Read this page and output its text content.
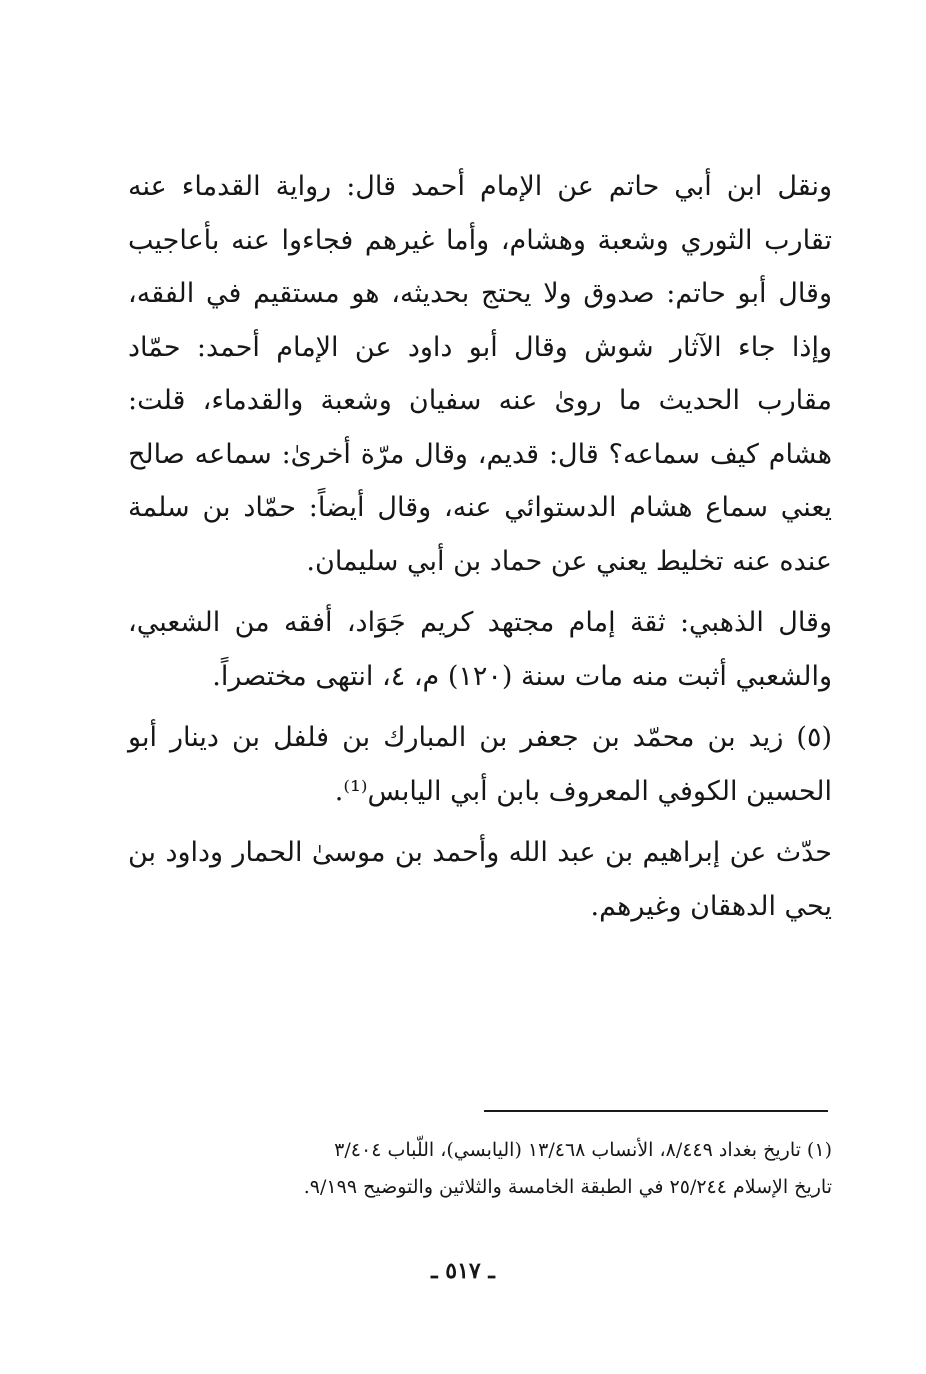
ونقل ابن أبي حاتم عن الإمام أحمد قال: رواية القدماء عنه تقارب الثوري وشعبة وهشام، وأما غيرهم فجاءوا عنه بأعاجيب وقال أبو حاتم: صدوق ولا يحتج بحديثه، هو مستقيم في الفقه، وإذا جاء الآثار شوش وقال أبو داود عن الإمام أحمد: حمّاد مقارب الحديث ما روىٰ عنه سفيان وشعبة والقدماء، قلت: هشام كيف سماعه؟ قال: قديم، وقال مرّة أخرىٰ: سماعه صالح يعني سماع هشام الدستوائي عنه، وقال أيضاً: حمّاد بن سلمة عنده عنه تخليط يعني عن حماد بن أبي سليمان.

وقال الذهبي: ثقة إمام مجتهد كريم جَوَاد، أفقه من الشعبي، والشعبي أثبت منه مات سنة (١٢٠) م، ٤، انتهى مختصراً.

(٥) زيد بن محمّد بن جعفر بن المبارك بن فلفل بن دينار أبو الحسين الكوفي المعروف بابن أبي اليابس⁽¹⁾.

حدّث عن إبراهيم بن عبد الله وأحمد بن موسىٰ الحمار وداود بن يحي الدهقان وغيرهم.

(١) تاريخ بغداد ٨/٤٤٩، الأنساب ١٣/٤٦٨ (اليابسي)، اللّباب ٣/٤٠٤

تاريخ الإسلام ٢٥/٢٤٤ في الطبقة الخامسة والثلاثين والتوضيح ٩/١٩٩.

ـ ٥١٧ ـ
